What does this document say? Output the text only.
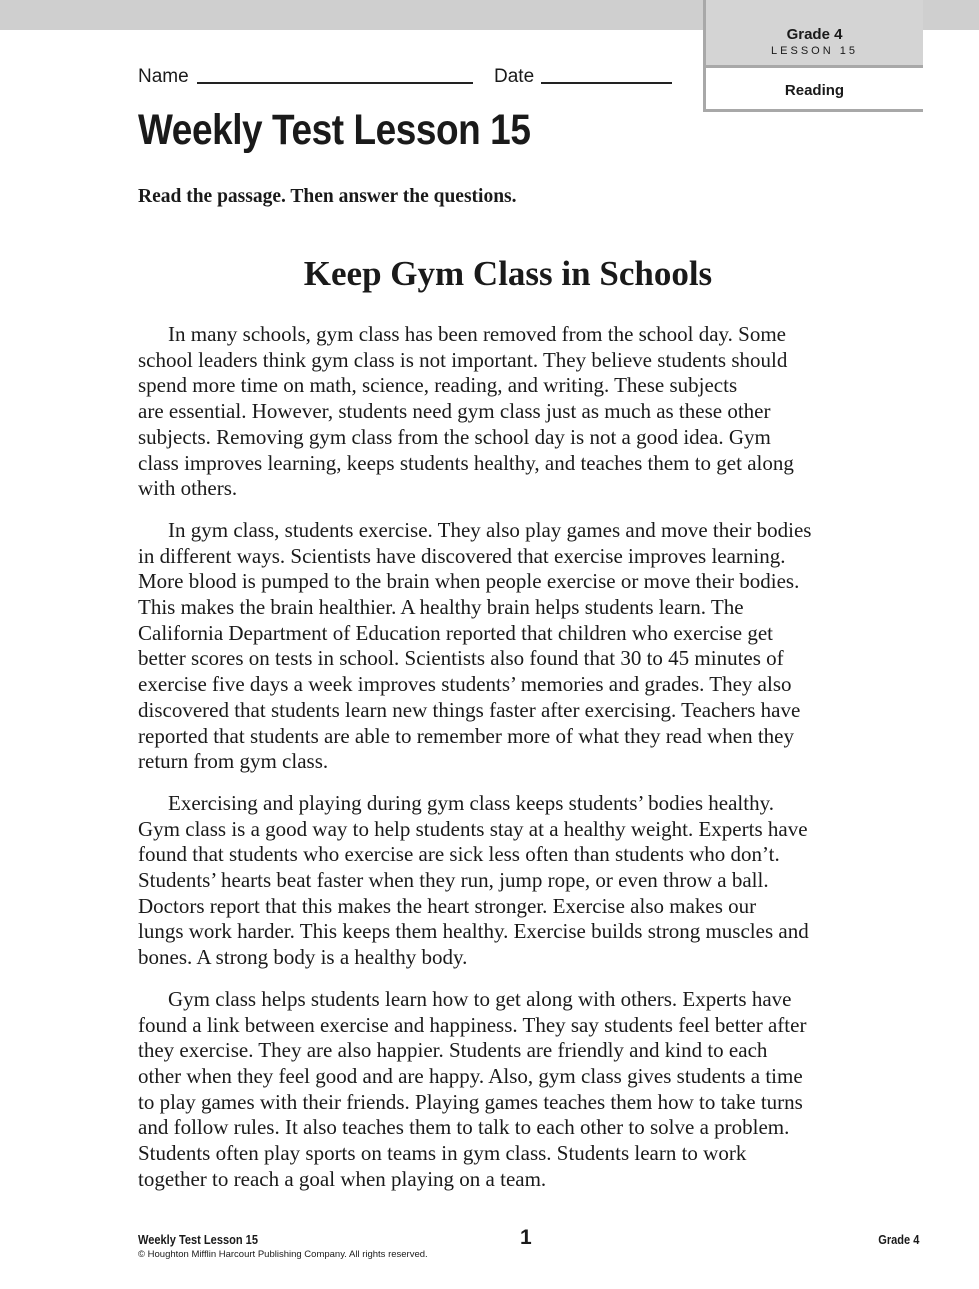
Grade 4
LESSON 15
Reading
Name	Date
Weekly Test Lesson 15
Read the passage. Then answer the questions.
Keep Gym Class in Schools
In many schools, gym class has been removed from the school day. Some
school leaders think gym class is not important. They believe students should
spend more time on math, science, reading, and writing. These subjects
are essential. However, students need gym class just as much as these other
subjects. Removing gym class from the school day is not a good idea. Gym
class improves learning, keeps students healthy, and teaches them to get along
with others.
In gym class, students exercise. They also play games and move their bodies
in different ways. Scientists have discovered that exercise improves learning.
More blood is pumped to the brain when people exercise or move their bodies.
This makes the brain healthier. A healthy brain helps students learn. The
California Department of Education reported that children who exercise get
better scores on tests in school. Scientists also found that 30 to 45 minutes of
exercise five days a week improves students’ memories and grades. They also
discovered that students learn new things faster after exercising. Teachers have
reported that students are able to remember more of what they read when they
return from gym class.
Exercising and playing during gym class keeps students’ bodies healthy.
Gym class is a good way to help students stay at a healthy weight. Experts have
found that students who exercise are sick less often than students who don’t.
Students’ hearts beat faster when they run, jump rope, or even throw a ball.
Doctors report that this makes the heart stronger. Exercise also makes our
lungs work harder. This keeps them healthy. Exercise builds strong muscles and
bones. A strong body is a healthy body.
Gym class helps students learn how to get along with others. Experts have
found a link between exercise and happiness. They say students feel better after
they exercise. They are also happier. Students are friendly and kind to each
other when they feel good and are happy. Also, gym class gives students a time
to play games with their friends. Playing games teaches them how to take turns
and follow rules. It also teaches them to talk to each other to solve a problem.
Students often play sports on teams in gym class. Students learn to work
together to reach a goal when playing on a team.
Weekly Test Lesson 15
© Houghton Mifflin Harcourt Publishing Company. All rights reserved.
1	Grade 4
